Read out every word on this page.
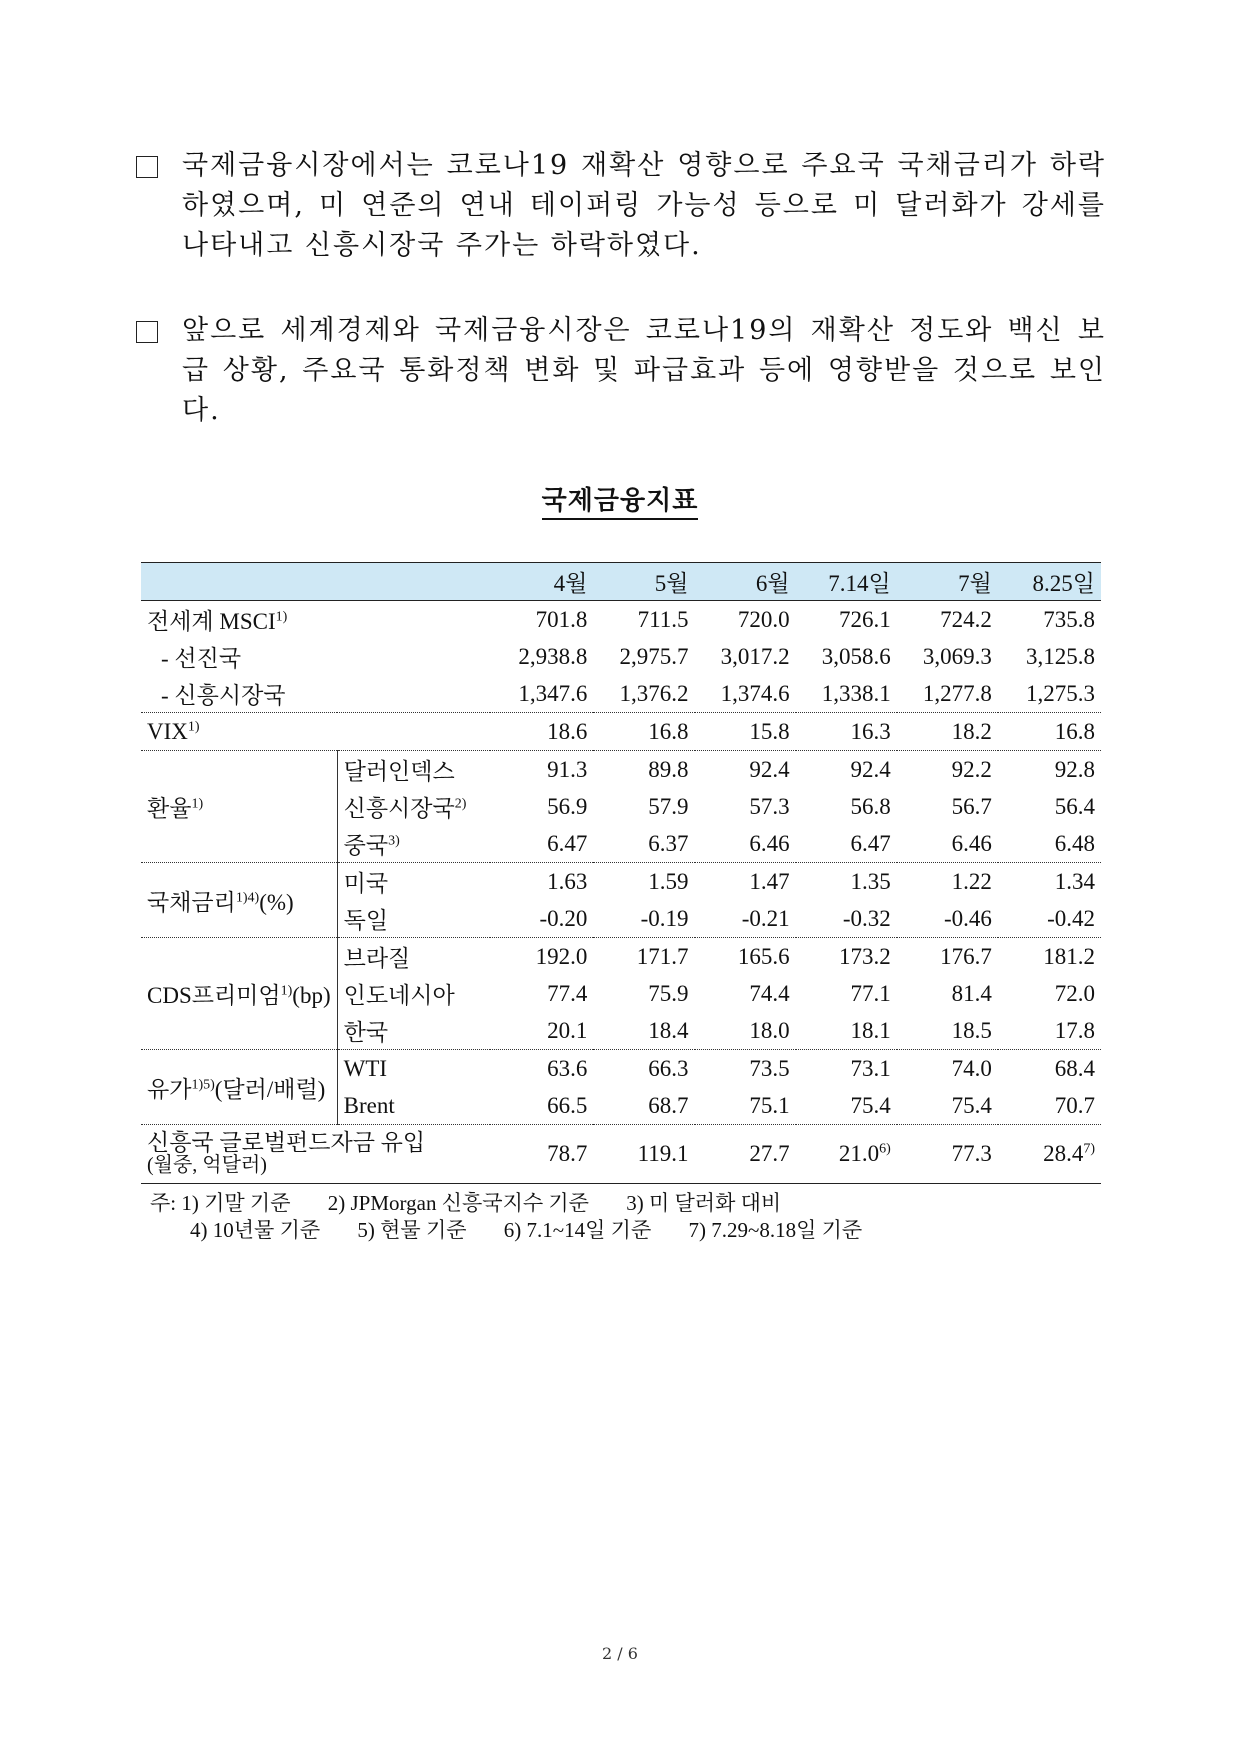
국제금융시장에서는 코로나19 재확산 영향으로 주요국 국채금리가 하락하였으며, 미 연준의 연내 테이퍼링 가능성 등으로 미 달러화가 강세를 나타내고 신흥시장국 주가는 하락하였다.
앞으로 세계경제와 국제금융시장은 코로나19의 재확산 정도와 백신 보급 상황, 주요국 통화정책 변화 및 파급효과 등에 영향받을 것으로 보인다.
국제금융지표
		4월	5월	6월	7.14일	7월	8.25일
전세계 MSCI$^{1)}$		701.8	711.5	720.0	726.1	724.2	735.8
- 선진국		2,938.8	2,975.7	3,017.2	3,058.6	3,069.3	3,125.8
- 신흥시장국		1,347.6	1,376.2	1,374.6	1,338.1	1,277.8	1,275.3
VIX$^{1)}$		18.6	16.8	15.8	16.3	18.2	16.8
환율$^{1)}$	달러인덱스	91.3	89.8	92.4	92.4	92.2	92.8
	신흥시장국$^{2)}$	56.9	57.9	57.3	56.8	56.7	56.4
	중국$^{3)}$	6.47	6.37	6.46	6.47	6.46	6.48
국채금리$^{1)4)}$(%)	미국	1.63	1.59	1.47	1.35	1.22	1.34
	독일	-0.20	-0.19	-0.21	-0.32	-0.46	-0.42
CDS프리미엄$^{1)}$(bp)	브라질	192.0	171.7	165.6	173.2	176.7	181.2
	인도네시아	77.4	75.9	74.4	77.1	81.4	72.0
	한국	20.1	18.4	18.0	18.1	18.5	17.8
유가$^{1)5)}$(달러/배럴)	WTI	63.6	66.3	73.5	73.1	74.0	68.4
	Brent	66.5	68.7	75.1	75.4	75.4	70.7

신흥국 글로벌펀드자금 유입
(월중, 억달러)		78.7	119.1	27.7	21.0$^{6)}$	77.3	28.4$^{7)}$
주: 1) 기말 기준 2) JPMorgan 신흥국지수 기준 3) 미 달러화 대비
4) 10년물 기준 5) 현물 기준 6) 7.1~14일 기준 7) 7.29~8.18일 기준
2 / 6
